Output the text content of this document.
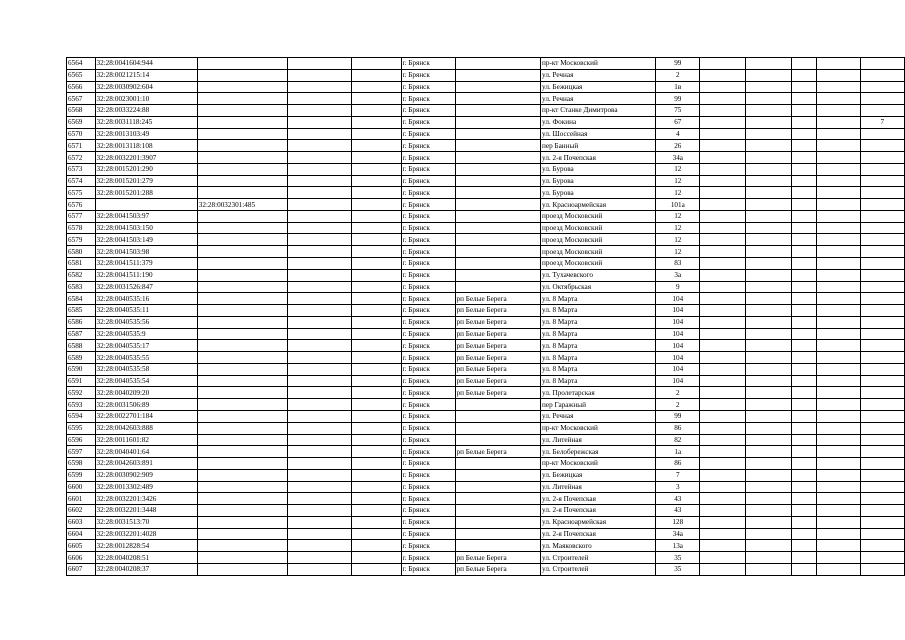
6564	32:28:0041604:944				г. Брянск		пр-кт Московский	99					
6565	32:28:0021215:14				г. Брянск		ул. Речная	2					
6566	32:28:0030902:604				г. Брянск		ул. Бежицкая	1в					
6567	32:28:0023001:10				г. Брянск		ул. Речная	99					
6568	32:28:0033224:88				г. Брянск		пр-кт Станке Димитрова	75					
6569	32:28:0031118:245				г. Брянск		ул. Фокина	67					7
6570	32:28:0013103:49				г. Брянск		ул. Шоссейная	4					
6571	32:28:0013118:108				г. Брянск		пер Банный	26					
6572	32:28:0032201:3907				г. Брянск		ул. 2-я Почепская	34а					
6573	32:28:0015201:290				г. Брянск		ул. Бурова	12					
6574	32:28:0015201:279				г. Брянск		ул. Бурова	12					
6575	32:28:0015201:288				г. Брянск		ул. Бурова	12					
6576		32:28:0032301:485			г. Брянск		ул. Красноармейская	101а					
6577	32:28:0041503:97				г. Брянск		проезд Московский	12					
6578	32:28:0041503:150				г. Брянск		проезд Московский	12					
6579	32:28:0041503:149				г. Брянск		проезд Московский	12					
6580	32:28:0041503:98				г. Брянск		проезд Московский	12					
6581	32:28:0041511:379				г. Брянск		проезд Московский	83					
6582	32:28:0041511:190				г. Брянск		ул. Тухачевского	3а					
6583	32:28:0031526:847				г. Брянск		ул. Октябрьская	9					
6584	32:28:0040535:16				г. Брянск	рп Белые Берега	ул. 8 Марта	104					
6585	32:28:0040535:11				г. Брянск	рп Белые Берега	ул. 8 Марта	104					
6586	32:28:0040535:56				г. Брянск	рп Белые Берега	ул. 8 Марта	104					
6587	32:28:0040535:9				г. Брянск	рп Белые Берега	ул. 8 Марта	104					
6588	32:28:0040535:17				г. Брянск	рп Белые Берега	ул. 8 Марта	104					
6589	32:28:0040535:55				г. Брянск	рп Белые Берега	ул. 8 Марта	104					
6590	32:28:0040535:58				г. Брянск	рп Белые Берега	ул. 8 Марта	104					
6591	32:28:0040535:54				г. Брянск	рп Белые Берега	ул. 8 Марта	104					
6592	32:28:0040209:20				г. Брянск	рп Белые Берега	ул. Пролетарская	2					
6593	32:28:0031506:89				г. Брянск		пер Гаражный	2					
6594	32:28:0022701:184				г. Брянск		ул. Речная	99					
6595	32:28:0042603:888				г. Брянск		пр-кт Московский	86					
6596	32:28:0011601:82				г. Брянск		ул. Литейная	82					
6597	32:28:0040401:64				г. Брянск	рп Белые Берега	ул. Белобережская	1а					
6598	32:28:0042603:891				г. Брянск		пр-кт Московский	86					
6599	32:28:0030902:909				г. Брянск		ул. Бежицкая	7					
6600	32:28:0013302:489				г. Брянск		ул. Литейная	3					
6601	32:28:0032201:3426				г. Брянск		ул. 2-я Почепская	43					
6602	32:28:0032201:3448				г. Брянск		ул. 2-я Почепская	43					
6603	32:28:0031513:70				г. Брянск		ул. Красноармейская	128					
6604	32:28:0032201:4028				г. Брянск		ул. 2-я Почепская	34а					
6605	32:28:0012828:54				г. Брянск		ул. Маяковского	13а					
6606	32:28:0040208:51				г. Брянск	рп Белые Берега	ул. Строителей	35					
6607	32:28:0040208:37				г. Брянск	рп Белые Берега	ул. Строителей	35					
